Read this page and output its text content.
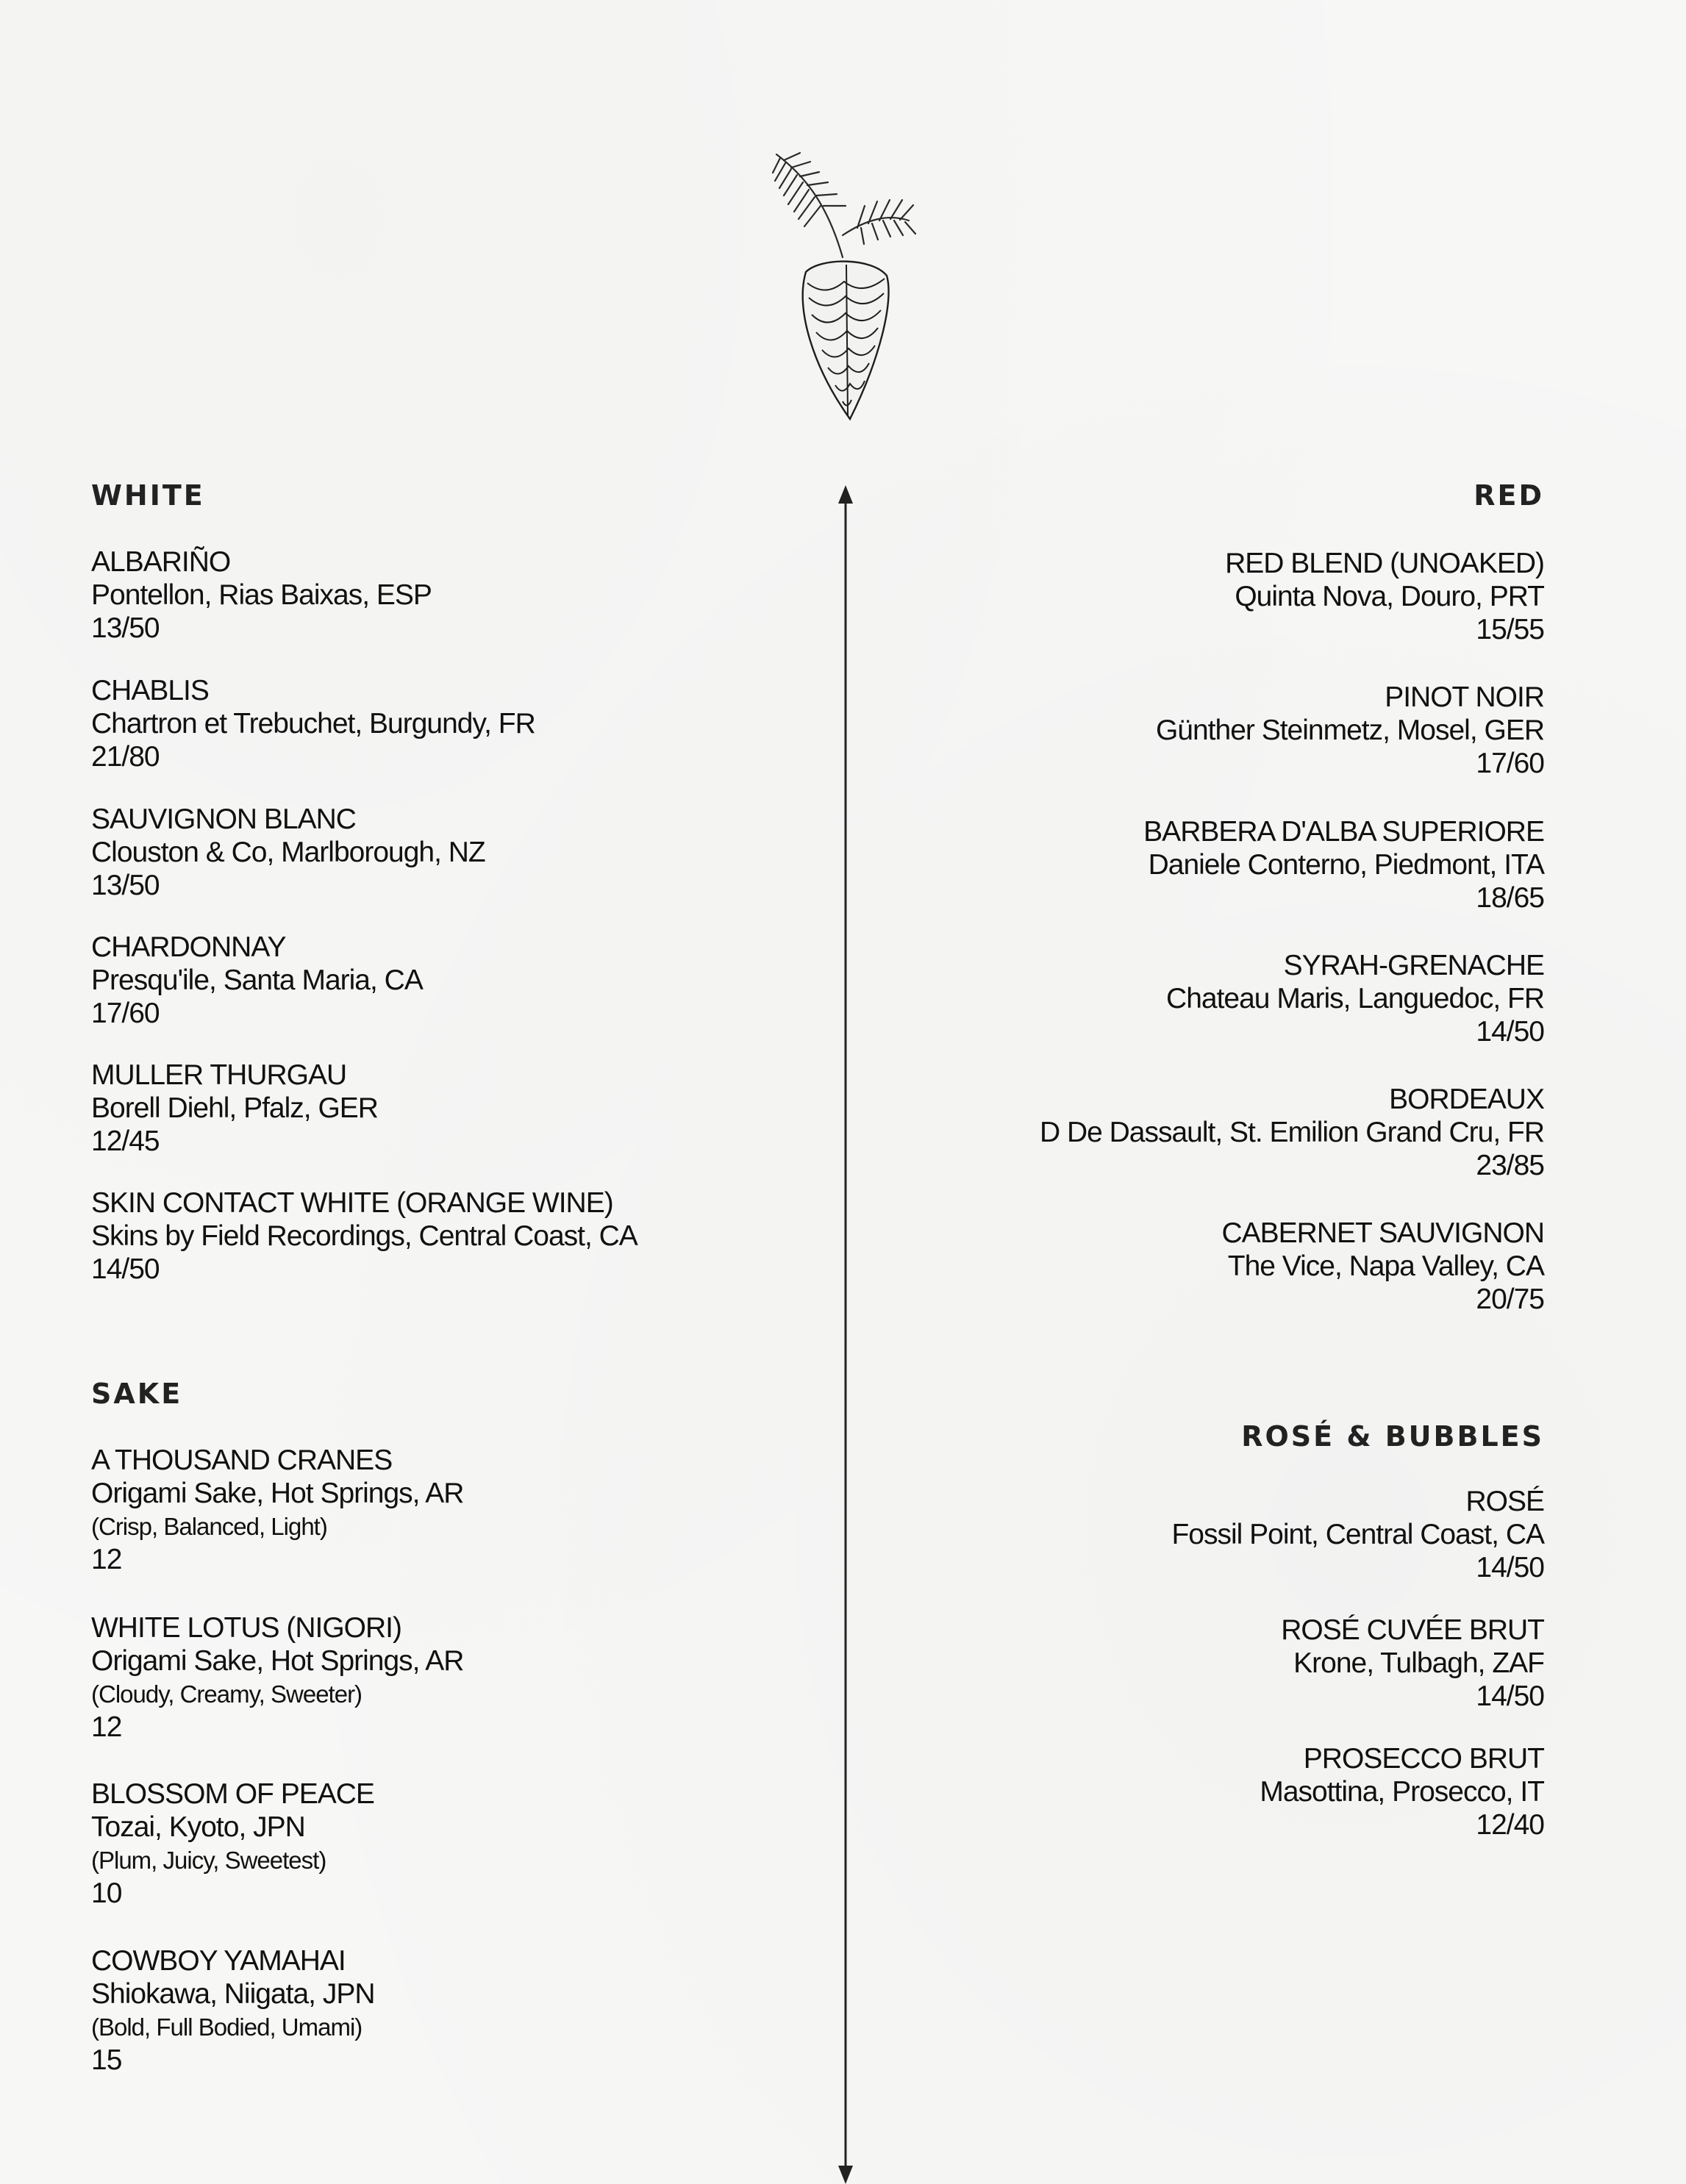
WHITE
ALBARIÑO
Pontellon, Rias Baixas, ESP
13/50
CHABLIS
Chartron et Trebuchet, Burgundy, FR
21/80
SAUVIGNON BLANC
Clouston & Co, Marlborough, NZ
13/50
CHARDONNAY
Presqu'ile, Santa Maria, CA
17/60
MULLER THURGAU
Borell Diehl, Pfalz, GER
12/45
SKIN CONTACT WHITE (ORANGE WINE)
Skins by Field Recordings, Central Coast, CA
14/50
SAKE
A THOUSAND CRANES
Origami Sake, Hot Springs, AR
(Crisp, Balanced, Light)
12
WHITE LOTUS (NIGORI)
Origami Sake, Hot Springs, AR
(Cloudy, Creamy, Sweeter)
12
BLOSSOM OF PEACE
Tozai, Kyoto, JPN
(Plum, Juicy, Sweetest)
10
COWBOY YAMAHAI
Shiokawa, Niigata, JPN
(Bold, Full Bodied, Umami)
15
RED
RED BLEND (UNOAKED)
Quinta Nova, Douro, PRT
15/55
PINOT NOIR
Günther Steinmetz, Mosel, GER
17/60
BARBERA D'ALBA SUPERIORE
Daniele Conterno, Piedmont, ITA
18/65
SYRAH-GRENACHE
Chateau Maris, Languedoc, FR
14/50
BORDEAUX
D De Dassault, St. Emilion Grand Cru, FR
23/85
CABERNET SAUVIGNON
The Vice, Napa Valley, CA
20/75
ROSÉ & BUBBLES
ROSÉ
Fossil Point, Central Coast, CA
14/50
ROSÉ CUVÉE BRUT
Krone, Tulbagh, ZAF
14/50
PROSECCO BRUT
Masottina, Prosecco, IT
12/40
